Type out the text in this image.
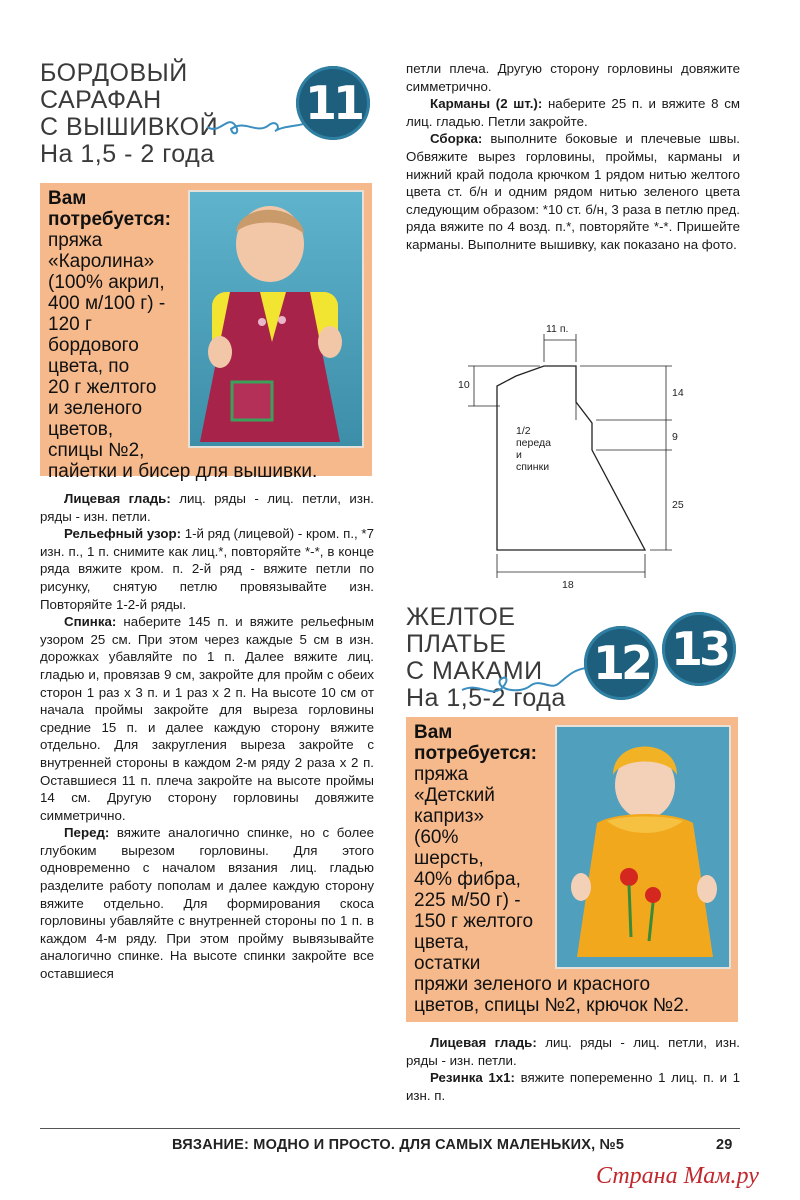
БОРДОВЫЙ
САРАФАН
С ВЫШИВКОЙ
На 1,5 - 2 года
11
Вам
потребуется:
пряжа
«Каролина»
(100% акрил,
400 м/100 г) -
120 г
бордового
цвета, по
20 г желтого
и зеленого
цветов,
спицы №2,
пайетки и бисер для вышивки.

Лицевая гладь: лиц. ряды - лиц. петли, изн. ряды - изн. петли.

Рельефный узор: 1-й ряд (лицевой) - кром. п., *7 изн. п., 1 п. снимите как лиц.*, повторяйте *-*, в конце ряда вяжите кром. п. 2-й ряд - вяжите петли по рисунку, снятую петлю провязывайте изн. Повторяйте 1-2-й ряды.

Спинка: наберите 145 п. и вяжите рельефным узором 25 см. При этом через каждые 5 см в изн. дорожках убавляйте по 1 п. Далее вяжите лиц. гладью и, провязав 9 см, закройте для пройм с обеих сторон 1 раз х 3 п. и 1 раз х 2 п. На высоте 10 см от начала проймы закройте для выреза горловины средние 15 п. и далее каждую сторону вяжите отдельно. Для закругления выреза закройте с внутренней стороны в каждом 2-м ряду 2 раза х 2 п. Оставшиеся 11 п. плеча закройте на высоте проймы 14 см. Другую сторону горловины довяжите симметрично.

Перед: вяжите аналогично спинке, но с более глубоким вырезом горловины. Для этого одновременно с началом вязания лиц. гладью разделите работу пополам и далее каждую сторону вяжите отдельно. Для формирования скоса горловины убавляйте с внутренней стороны по 1 п. в каждом 4-м ряду. При этом пройму вывязывайте аналогично спинке. На высоте спинки закройте все оставшиеся

петли плеча. Другую сторону горловины довяжите симметрично.

Карманы (2 шт.): наберите 25 п. и вяжите 8 см лиц. гладью. Петли закройте.

Сборка: выполните боковые и плечевые швы. Обвяжите вырез горловины, проймы, карманы и нижний край подола крючком 1 рядом нитью желтого цвета ст. б/н и одним рядом нитью зеленого цвета следующим образом: *10 ст. б/н, 3 раза в петлю пред. ряда вяжите по 4 возд. п.*, повторяйте *-*. Пришейте карманы. Выполните вышивку, как показано на фото.

11 п.
10
14
9
25
18
1/2
переда
и
спинки
ЖЕЛТОЕ
ПЛАТЬЕ
С МАКАМИ
На 1,5-2 года
12 13
Вам
потребуется:
пряжа
«Детский
каприз»
(60%
шерсть,
40% фибра,
225 м/50 г) -
150 г желтого
цвета,
остатки
пряжи зеленого и красного
цветов, спицы №2, крючок №2.

Лицевая гладь: лиц. ряды - лиц. петли, изн. ряды - изн. петли.

Резинка 1х1: вяжите попеременно 1 лиц. п. и 1 изн. п.

ВЯЗАНИЕ: МОДНО И ПРОСТО. ДЛЯ САМЫХ МАЛЕНЬКИХ, №5	29
Страна Мам.ру
